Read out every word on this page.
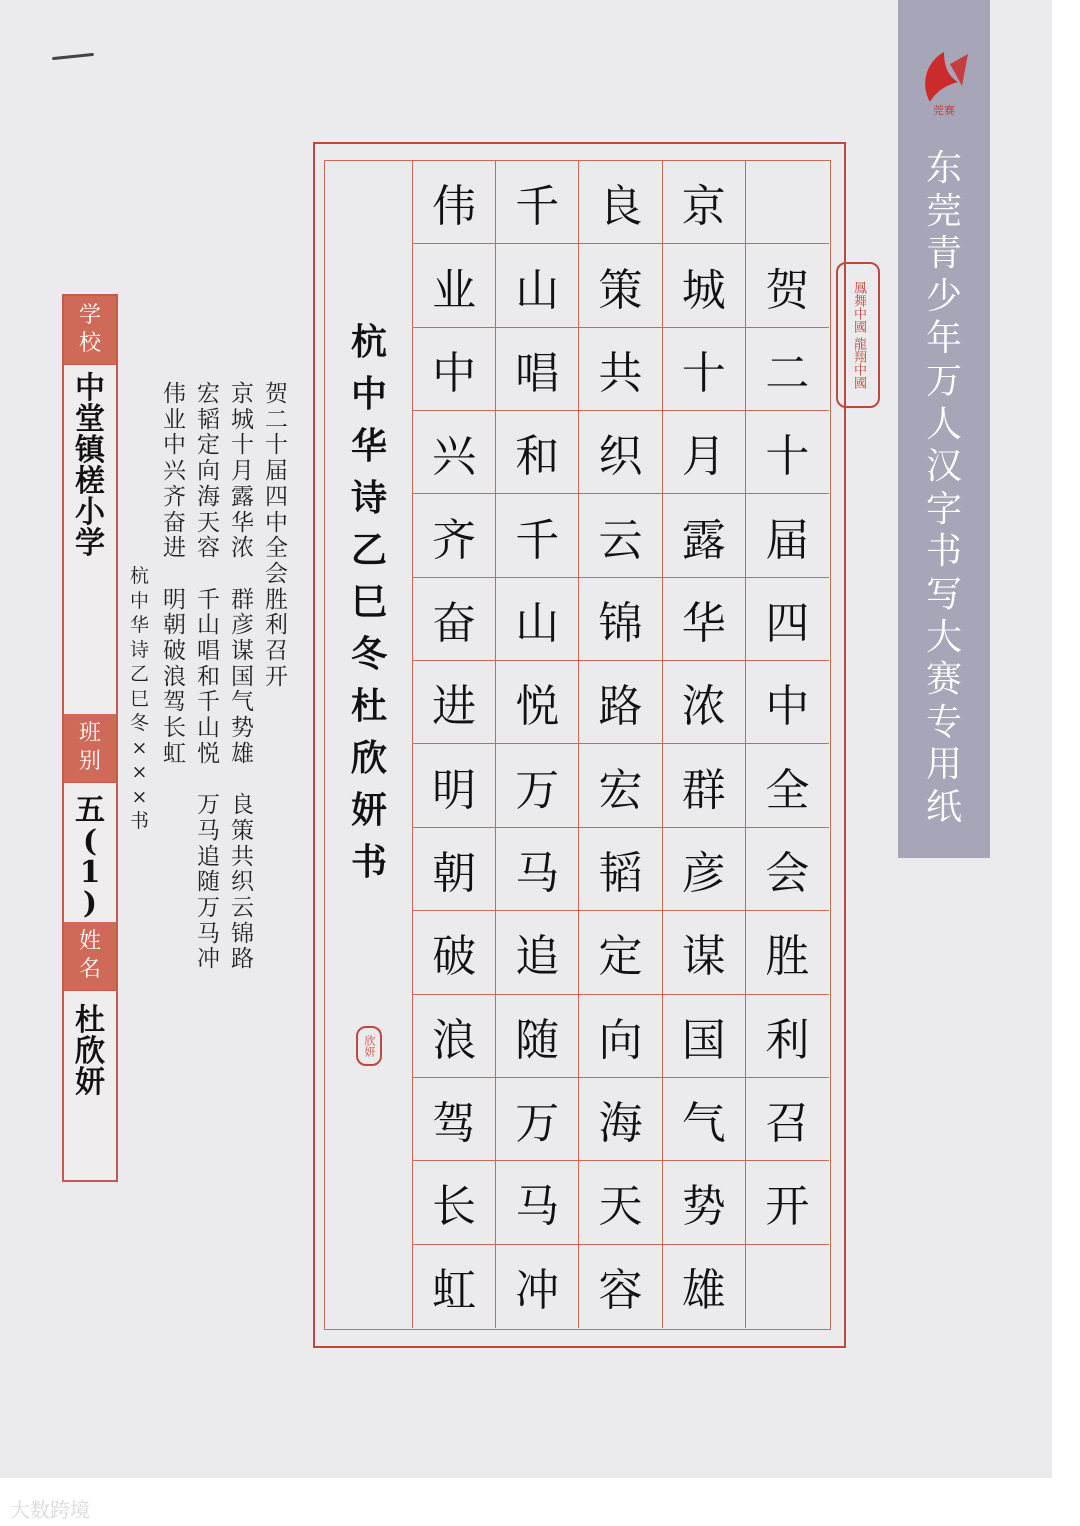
莞赛
东
莞
青
少
年
万
人
汉
字
书
写
大
赛
专
用
纸
学
校
中
堂
镇
槎
小
学
班
别
五
(
1
)
姓
名
杜
欣
妍
贺
二
十
届
四
中
全
会
胜
利
召
开
京
城
十
月
露
华
浓

群
彦
谋
国
气
势
雄

良
策
共
织
云
锦
路
宏
韬
定
向
海
天
容

千
山
唱
和
千
山
悦

万
马
追
随
万
马
冲
伟
业
中
兴
齐
奋
进

明
朝
破
浪
驾
长
虹
杭
中
华
诗
乙
巳
冬
×
×
×
书
杭
中
华
诗
乙
巳
冬
杜
欣
妍
书
伟 千 良 京
业 山 策 城 贺
中 唱 共 十 二
兴 和 织 月 十
齐 千 云 露 届
奋 山 锦 华 四
进 悦 路 浓 中
明 万 宏 群 全
朝 马 韬 彦 会
破 追 定 谋 胜
浪 随 向 国 利
驾 万 海 气 召
长 马 天 势 开
虹 冲 容 雄
鳳舞中國 龍翔中國
欣妍
大数跨境
